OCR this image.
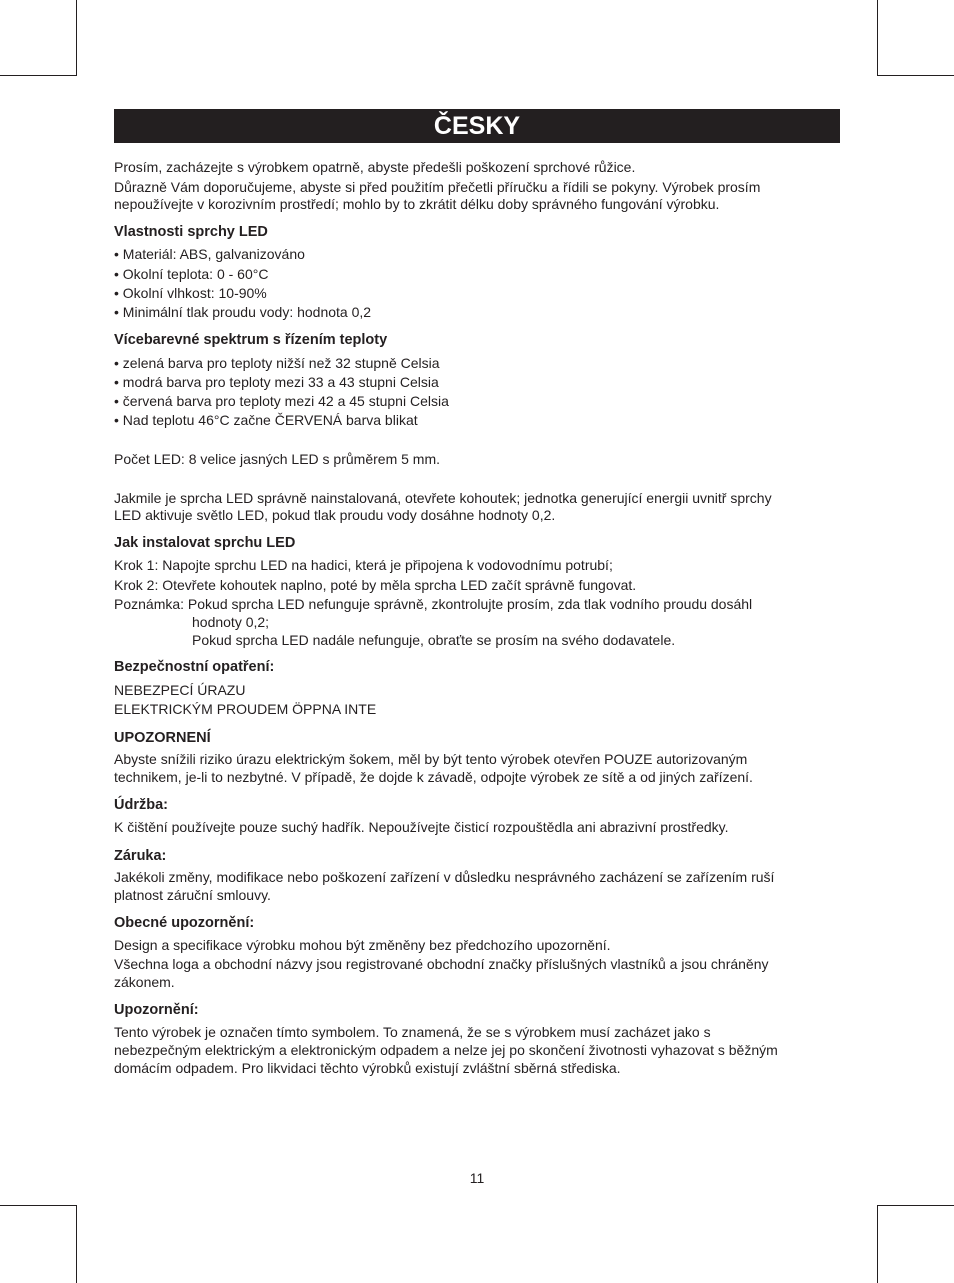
ČESKY
Prosím, zacházejte s výrobkem opatrně, abyste předešli poškození sprchové růžice.
Důrazně Vám doporučujeme, abyste si před použitím přečetli příručku a řídili se pokyny. Výrobek prosím
nepoužívejte v korozivním prostředí; mohlo by to zkrátit délku doby správného fungování výrobku.
Vlastnosti sprchy LED
• Materiál: ABS, galvanizováno
• Okolní teplota: 0 - 60°C
• Okolní vlhkost: 10-90%
• Minimální tlak proudu vody: hodnota 0,2
Vícebarevné spektrum s řízením teploty
• zelená barva pro teploty nižší než 32 stupně Celsia
• modrá barva pro teploty mezi 33 a 43 stupni Celsia
• červená barva pro teploty mezi 42 a 45 stupni Celsia
• Nad teplotu 46°C začne ČERVENÁ barva blikat
Počet LED: 8 velice jasných LED s průměrem 5 mm.
Jakmile je sprcha LED správně nainstalovaná, otevřete kohoutek; jednotka generující energii uvnitř sprchy
LED aktivuje světlo LED, pokud tlak proudu vody dosáhne hodnoty 0,2.
Jak instalovat sprchu LED
Krok 1: Napojte sprchu LED na hadici, která je připojena k vodovodnímu potrubí;
Krok 2: Otevřete kohoutek naplno, poté by měla sprcha LED začít správně fungovat.
Poznámka: Pokud sprcha LED nefunguje správně, zkontrolujte prosím, zda tlak vodního proudu dosáhl
hodnoty 0,2;
Pokud sprcha LED nadále nefunguje, obraťte se prosím na svého dodavatele.
Bezpečnostní opatření:
NEBEZPECÍ ÚRAZU
ELEKTRICKÝM PROUDEM ÖPPNA INTE
UPOZORNENÍ
Abyste snížili riziko úrazu elektrickým šokem, měl by být tento výrobek otevřen POUZE autorizovaným
technikem, je-li to nezbytné. V případě, že dojde k závadě, odpojte výrobek ze sítě a od jiných zařízení.
Údržba:
K čištění používejte pouze suchý hadřík. Nepoužívejte čisticí rozpouštědla ani abrazivní prostředky.
Záruka:
Jakékoli změny, modifikace nebo poškození zařízení v důsledku nesprávného zacházení se zařízením ruší
platnost záruční smlouvy.
Obecné upozornění:
Design a specifikace výrobku mohou být změněny bez předchozího upozornění.
Všechna loga a obchodní názvy jsou registrované obchodní značky příslušných vlastníků a jsou chráněny
zákonem.
Upozornění:
Tento výrobek je označen tímto symbolem. To znamená, že se s výrobkem musí zacházet jako s
nebezpečným elektrickým a elektronickým odpadem a nelze jej po skončení životnosti vyhazovat s běžným
domácím odpadem. Pro likvidaci těchto výrobků existují zvláštní sběrná střediska.
11
